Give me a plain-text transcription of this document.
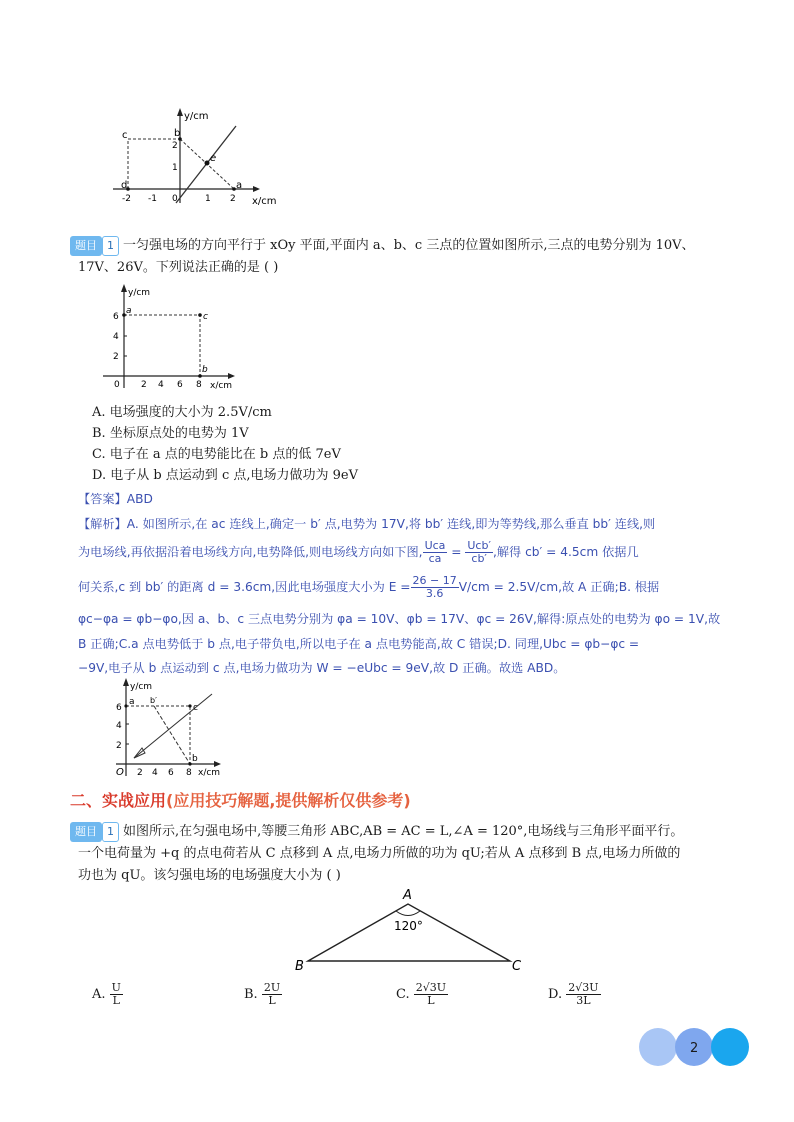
y/cm
x/cm
c	b
d	a
e
-2 -1 0	1 2
2
1
题目 1 一匀强电场的方向平行于 xOy 平面,平面内 a、b、c 三点的位置如图所示,三点的电势分别为 10V、
17V、26V。下列说法正确的是 ( )
y/cm
x/cm
a
c
b
0 2 4 6 8
6
4
2
A. 电场强度的大小为 2.5V/cm
B. 坐标原点处的电势为 1V
C. 电子在 a 点的电势能比在 b 点的低 7eV
D. 电子从 b 点运动到 c 点,电场力做功为 9eV
【答案】ABD
【解析】A. 如图所示,在 ac 连线上,确定一 b′ 点,电势为 17V,将 bb′ 连线,即为等势线,那么垂直 bb′ 连线,则
为电场线,再依据沿着电场线方向,电势降低,则电场线方向如下图, $\frac{\text{Uca}}{ca} = \frac{\text{Ucb′}}{cb'}$ ,解得 cb′ = 4.5cm 依据几
何关系,c 到 bb′ 的距离 d = 3.6cm,因此电场强度大小为 $E = \frac{26 - 17}{3.6} V/cm = 2.5V/cm$,故 A 正确;B. 根据
φc−φa = φb−φo,因 a、b、c 三点电势分别为 φa = 10V、φb = 17V、φc = 26V,解得:原点处的电势为 φo = 1V,故
B 正确;C.a 点电势低于 b 点,电子带负电,所以电子在 a 点电势能高,故 C 错误;D. 同理,Ubc = φb−φc =
−9V,电子从 b 点运动到 c 点,电场力做功为 W = −eUbc = 9eV,故 D 正确。故选 ABD。
y/cm
x/cm
a b′
c
b
O 2 4 6 8
6
4
2
二、实战应用(应用技巧解题,提供解析仅供参考)
题目 1 如图所示,在匀强电场中,等腰三角形 ABC,AB = AC = L,∠A = 120°,电场线与三角形平面平行。
一个电荷量为 +q 的点电荷若从 C 点移到 A 点,电场力所做的功为 qU;若从 A 点移到 B 点,电场力所做的
功也为 qU。该匀强电场的电场强度大小为 ( )
A
B	C
120°
A. $\frac{U}{L}$	B. $\frac{2U}{L}$	C. $\frac{2√3U}{L}$	D. $\frac{2√3U}{3L}$
2
